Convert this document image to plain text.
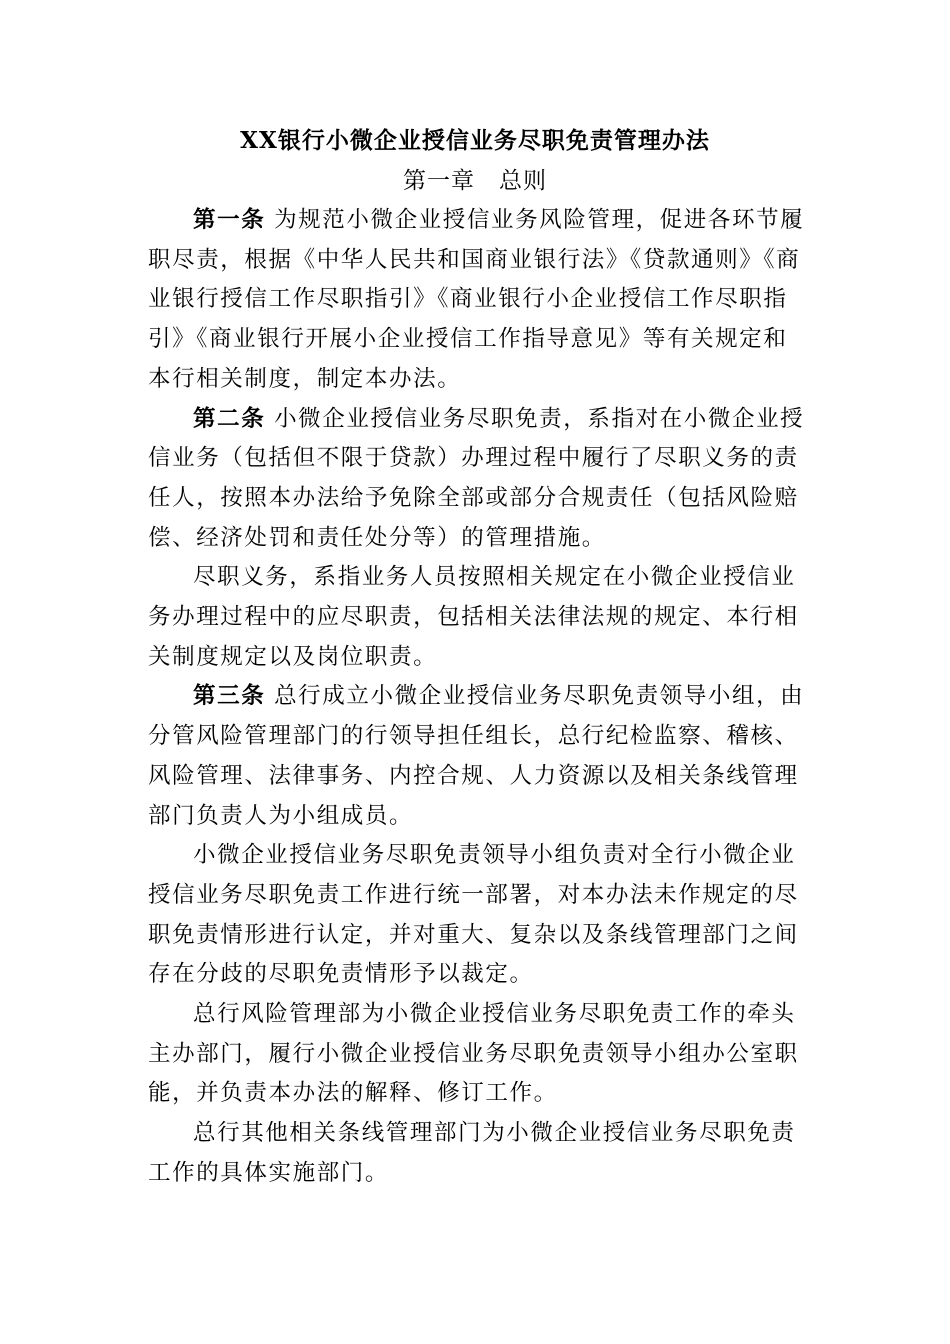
XX银行小微企业授信业务尽职免责管理办法
第一章　总则

第一条 为规范小微企业授信业务风险管理，促进各环节履职尽责，根据《中华人民共和国商业银行法》《贷款通则》《商业银行授信工作尽职指引》《商业银行小企业授信工作尽职指引》《商业银行开展小企业授信工作指导意见》等有关规定和本行相关制度，制定本办法。

第二条 小微企业授信业务尽职免责，系指对在小微企业授信业务（包括但不限于贷款）办理过程中履行了尽职义务的责任人，按照本办法给予免除全部或部分合规责任（包括风险赔偿、经济处罚和责任处分等）的管理措施。

尽职义务，系指业务人员按照相关规定在小微企业授信业务办理过程中的应尽职责，包括相关法律法规的规定、本行相关制度规定以及岗位职责。

第三条 总行成立小微企业授信业务尽职免责领导小组，由分管风险管理部门的行领导担任组长，总行纪检监察、稽核、风险管理、法律事务、内控合规、人力资源以及相关条线管理部门负责人为小组成员。

小微企业授信业务尽职免责领导小组负责对全行小微企业授信业务尽职免责工作进行统一部署，对本办法未作规定的尽职免责情形进行认定，并对重大、复杂以及条线管理部门之间存在分歧的尽职免责情形予以裁定。

总行风险管理部为小微企业授信业务尽职免责工作的牵头主办部门，履行小微企业授信业务尽职免责领导小组办公室职能，并负责本办法的解释、修订工作。

总行其他相关条线管理部门为小微企业授信业务尽职免责工作的具体实施部门。
